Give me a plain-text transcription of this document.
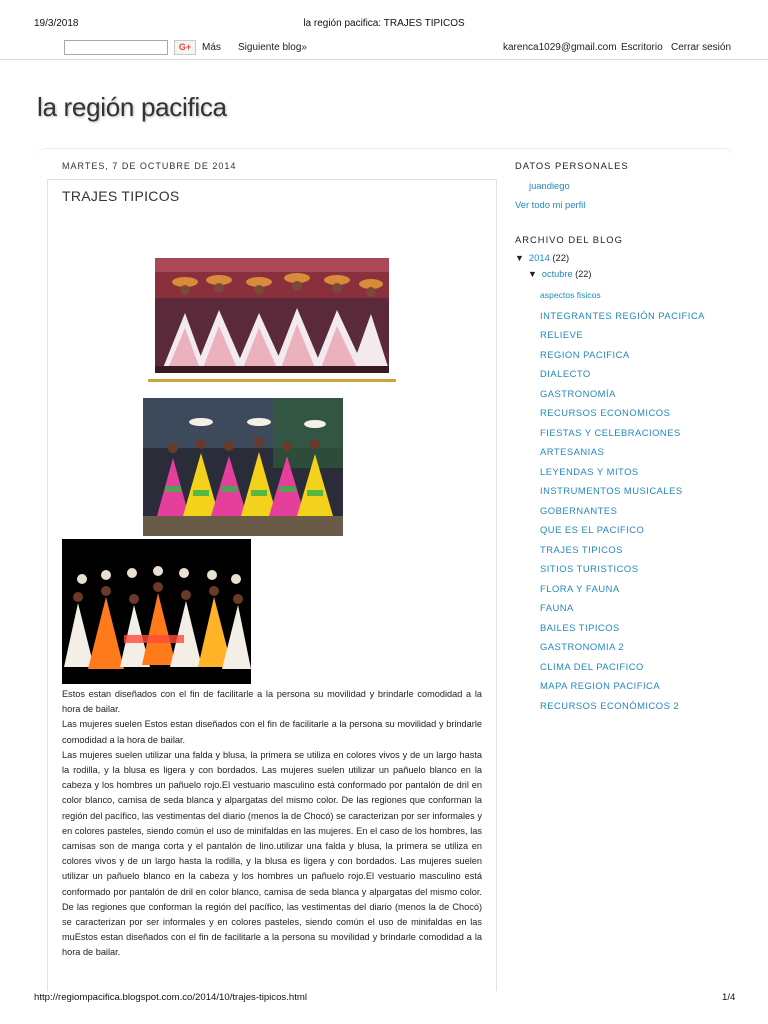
19/3/2018	la región pacifica: TRAJES TIPICOS
G+	Más Siguiente blog»	karenca1029@gmail.com Escritorio Cerrar sesión
la región pacifica
MARTES, 7 DE OCTUBRE DE 2014
TRAJES TIPICOS

Estos estan diseñados con el fin de facilitarle a la persona su movilidad y brindarle comodidad a la hora de bailar.

Las mujeres suelen Estos estan diseñados con el fin de facilitarle a la persona su movilidad y brindarle comodidad a la hora de bailar.

Las mujeres suelen utilizar una falda y blusa, la primera se utiliza en colores vivos y de un largo hasta la rodilla, y la blusa es ligera y con bordados. Las mujeres suelen utilizar un pañuelo blanco en la cabeza y los hombres un pañuelo rojo.El vestuario masculino está conformado por pantalón de dril en color blanco, camisa de seda blanca y alpargatas del mismo color. De las regiones que conforman la región del pacífico, las vestimentas del diario (menos la de Chocó) se caracterizan por ser informales y en colores pasteles, siendo común el uso de minifaldas en las mujeres. En el caso de los hombres, las camisas son de manga corta y el pantalón de lino.utilizar una falda y blusa, la primera se utiliza en colores vivos y de un largo hasta la rodilla, y la blusa es ligera y con bordados. Las mujeres suelen utilizar un pañuelo blanco en la cabeza y los hombres un pañuelo rojo.El vestuario masculino está conformado por pantalón de dril en color blanco, camisa de seda blanca y alpargatas del mismo color. De las regiones que conforman la región del pacífico, las vestimentas del diario (menos la de Chocó) se caracterizan por ser informales y en colores pasteles, siendo común el uso de minifaldas en las muEstos estan diseñados con el fin de facilitarle a la persona su movilidad y brindarle comodidad a la hora de bailar.

DATOS PERSONALES
juandiego
Ver todo mi perfil
ARCHIVO DEL BLOG
▼ 2014 (22)
▼ octubre (22)
aspectos fisicos
INTEGRANTES REGIÓN PACIFICA
RELIEVE
REGION PACIFICA
DIALECTO
GASTRONOMÍA
RECURSOS ECONOMICOS
FIESTAS Y CELEBRACIONES
ARTESANIAS
LEYENDAS Y MITOS
INSTRUMENTOS MUSICALES
GOBERNANTES
QUE ES EL PACIFICO
TRAJES TIPICOS
SITIOS TURISTICOS
FLORA Y FAUNA
FAUNA
BAILES TIPICOS
GASTRONOMIA 2
CLIMA DEL PACIFICO
MAPA REGION PACIFICA
RECURSOS ECONÓMICOS 2
http://regiompacifica.blogspot.com.co/2014/10/trajes-tipicos.html	1/4
